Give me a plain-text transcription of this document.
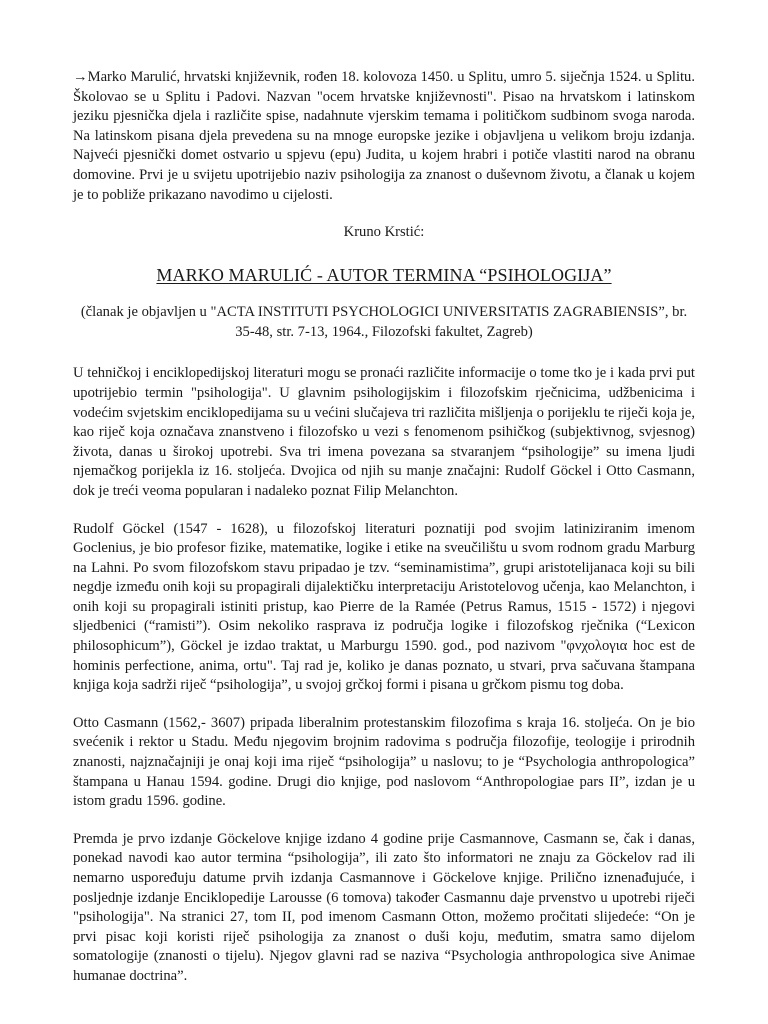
→Marko Marulić, hrvatski književnik, rođen 18. kolovoza 1450. u Splitu, umro 5. siječnja 1524. u Splitu. Školovao se u Splitu i Padovi. Nazvan "ocem hrvatske književnosti". Pisao na hrvatskom i latinskom jeziku pjesnička djela i različite spise, nadahnute vjerskim temama i političkom sudbinom svoga naroda. Na latinskom pisana djela prevedena su na mnoge europske jezike i objavljena u velikom broju izdanja. Najveći pjesnički domet ostvario u spjevu (epu) Judita, u kojem hrabri i potiče vlastiti narod na obranu domovine. Prvi je u svijetu upotrijebio naziv psihologija za znanost o duševnom životu, a članak u kojem je to pobliže prikazano navodimo u cijelosti.

Kruno Krstić:

MARKO MARULIĆ - AUTOR TERMINA “PSIHOLOGIJA”

(članak je objavljen u "ACTA INSTITUTI PSYCHOLOGICI UNIVERSITATIS ZAGRABIENSIS”, br. 35-48, str. 7-13, 1964., Filozofski fakultet, Zagreb)

U tehničkoj i enciklopedijskoj literaturi mogu se pronaći različite informacije o tome tko je i kada prvi put upotrijebio termin "psihologija". U glavnim psihologijskim i filozofskim rječnicima, udžbenicima i vodećim svjetskim enciklopedijama su u većini slučajeva tri različita mišljenja o porijeklu te riječi koja je, kao riječ koja označava znanstveno i filozofsko u vezi s fenomenom psihičkog (subjektivnog, svjesnog) života, danas u širokoj upotrebi. Sva tri imena povezana sa stvaranjem “psihologije” su imena ljudi njemačkog porijekla iz 16. stoljeća. Dvojica od njih su manje značajni: Rudolf Göckel i Otto Casmann, dok je treći veoma popularan i nadaleko poznat Filip Melanchton.

Rudolf Göckel (1547 - 1628), u filozofskoj literaturi poznatiji pod svojim latiniziranim imenom Goclenius, je bio profesor fizike, matematike, logike i etike na sveučilištu u svom rodnom gradu Marburg na Lahni. Po svom filozofskom stavu pripadao je tzv. “seminamistima”, grupi aristotelijanaca koji su bili negdje između onih koji su propagirali dijalektičku interpretaciju Aristotelovog učenja, kao Melanchton, i onih koji su propagirali istiniti pristup, kao Pierre de la Ramée (Petrus Ramus, 1515 - 1572) i njegovi sljedbenici (“ramisti”). Osim nekoliko rasprava iz područja logike i filozofskog rječnika (“Lexicon philosophicum”), Göckel je izdao traktat, u Marburgu 1590. god., pod nazivom "φνχολογια hoc est de hominis perfectione, anima, ortu". Taj rad je, koliko je danas poznato, u stvari, prva sačuvana štampana knjiga koja sadrži riječ “psihologija”, u svojoj grčkoj formi i pisana u grčkom pismu tog doba.

Otto Casmann (1562,- 3607) pripada liberalnim protestanskim filozofima s kraja 16. stoljeća. On je bio svećenik i rektor u Stadu. Među njegovim brojnim radovima s područja filozofije, teologije i prirodnih znanosti, najznačajniji je onaj koji ima riječ “psihologija” u naslovu; to je “Psychologia anthropologica” štampana u Hanau 1594. godine. Drugi dio knjige, pod naslovom “Anthropologiae pars II”, izdan je u istom gradu 1596. godine.

Premda je prvo izdanje Göckelove knjige izdano 4 godine prije Casmannove, Casmann se, čak i danas, ponekad navodi kao autor termina “psihologija”, ili zato što informatori ne znaju za Göckelov rad ili nemarno uspoređuju datume prvih izdanja Casmannove i Göckelove knjige. Prilično iznenađujuće, i posljednje izdanje Enciklopedije Larousse (6 tomova) također Casmannu daje prvenstvo u upotrebi riječi "psihologija". Na stranici 27, tom II, pod imenom Casmann Otton, možemo pročitati slijedeće: “On je prvi pisac koji koristi riječ psihologija za znanost o duši koju, međutim, smatra samo dijelom somatologije (znanosti o tijelu). Njegov glavni rad se naziva “Psychologia anthropologica sive Animae humanae doctrina”.
